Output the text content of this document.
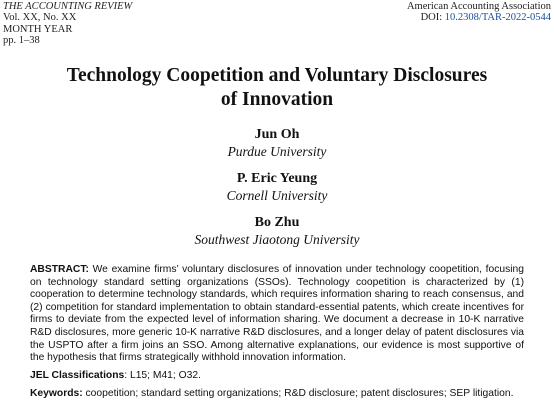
THE ACCOUNTING REVIEW
Vol. XX, No. XX
MONTH YEAR
pp. 1–38
American Accounting Association
DOI: 10.2308/TAR-2022-0544
Technology Coopetition and Voluntary Disclosures
of Innovation
Jun Oh
Purdue University
P. Eric Yeung
Cornell University
Bo Zhu
Southwest Jiaotong University

ABSTRACT: We examine firms’ voluntary disclosures of innovation under technology coopetition, focusing on technology standard setting organizations (SSOs). Technology coopetition is characterized by (1) cooperation to determine technology standards, which requires information sharing to reach consensus, and (2) competition for standard implementation to obtain standard-essential patents, which create incentives for firms to deviate from the expected level of information sharing. We document a decrease in 10-K narrative R&D disclosures, more generic 10-K narrative R&D disclosures, and a longer delay of patent disclosures via the USPTO after a firm joins an SSO. Among alternative explanations, our evidence is most supportive of the hypothesis that firms strategically withhold innovation information.

JEL Classifications: L15; M41; O32.

Keywords: coopetition; standard setting organizations; R&D disclosure; patent disclosures; SEP litigation.
